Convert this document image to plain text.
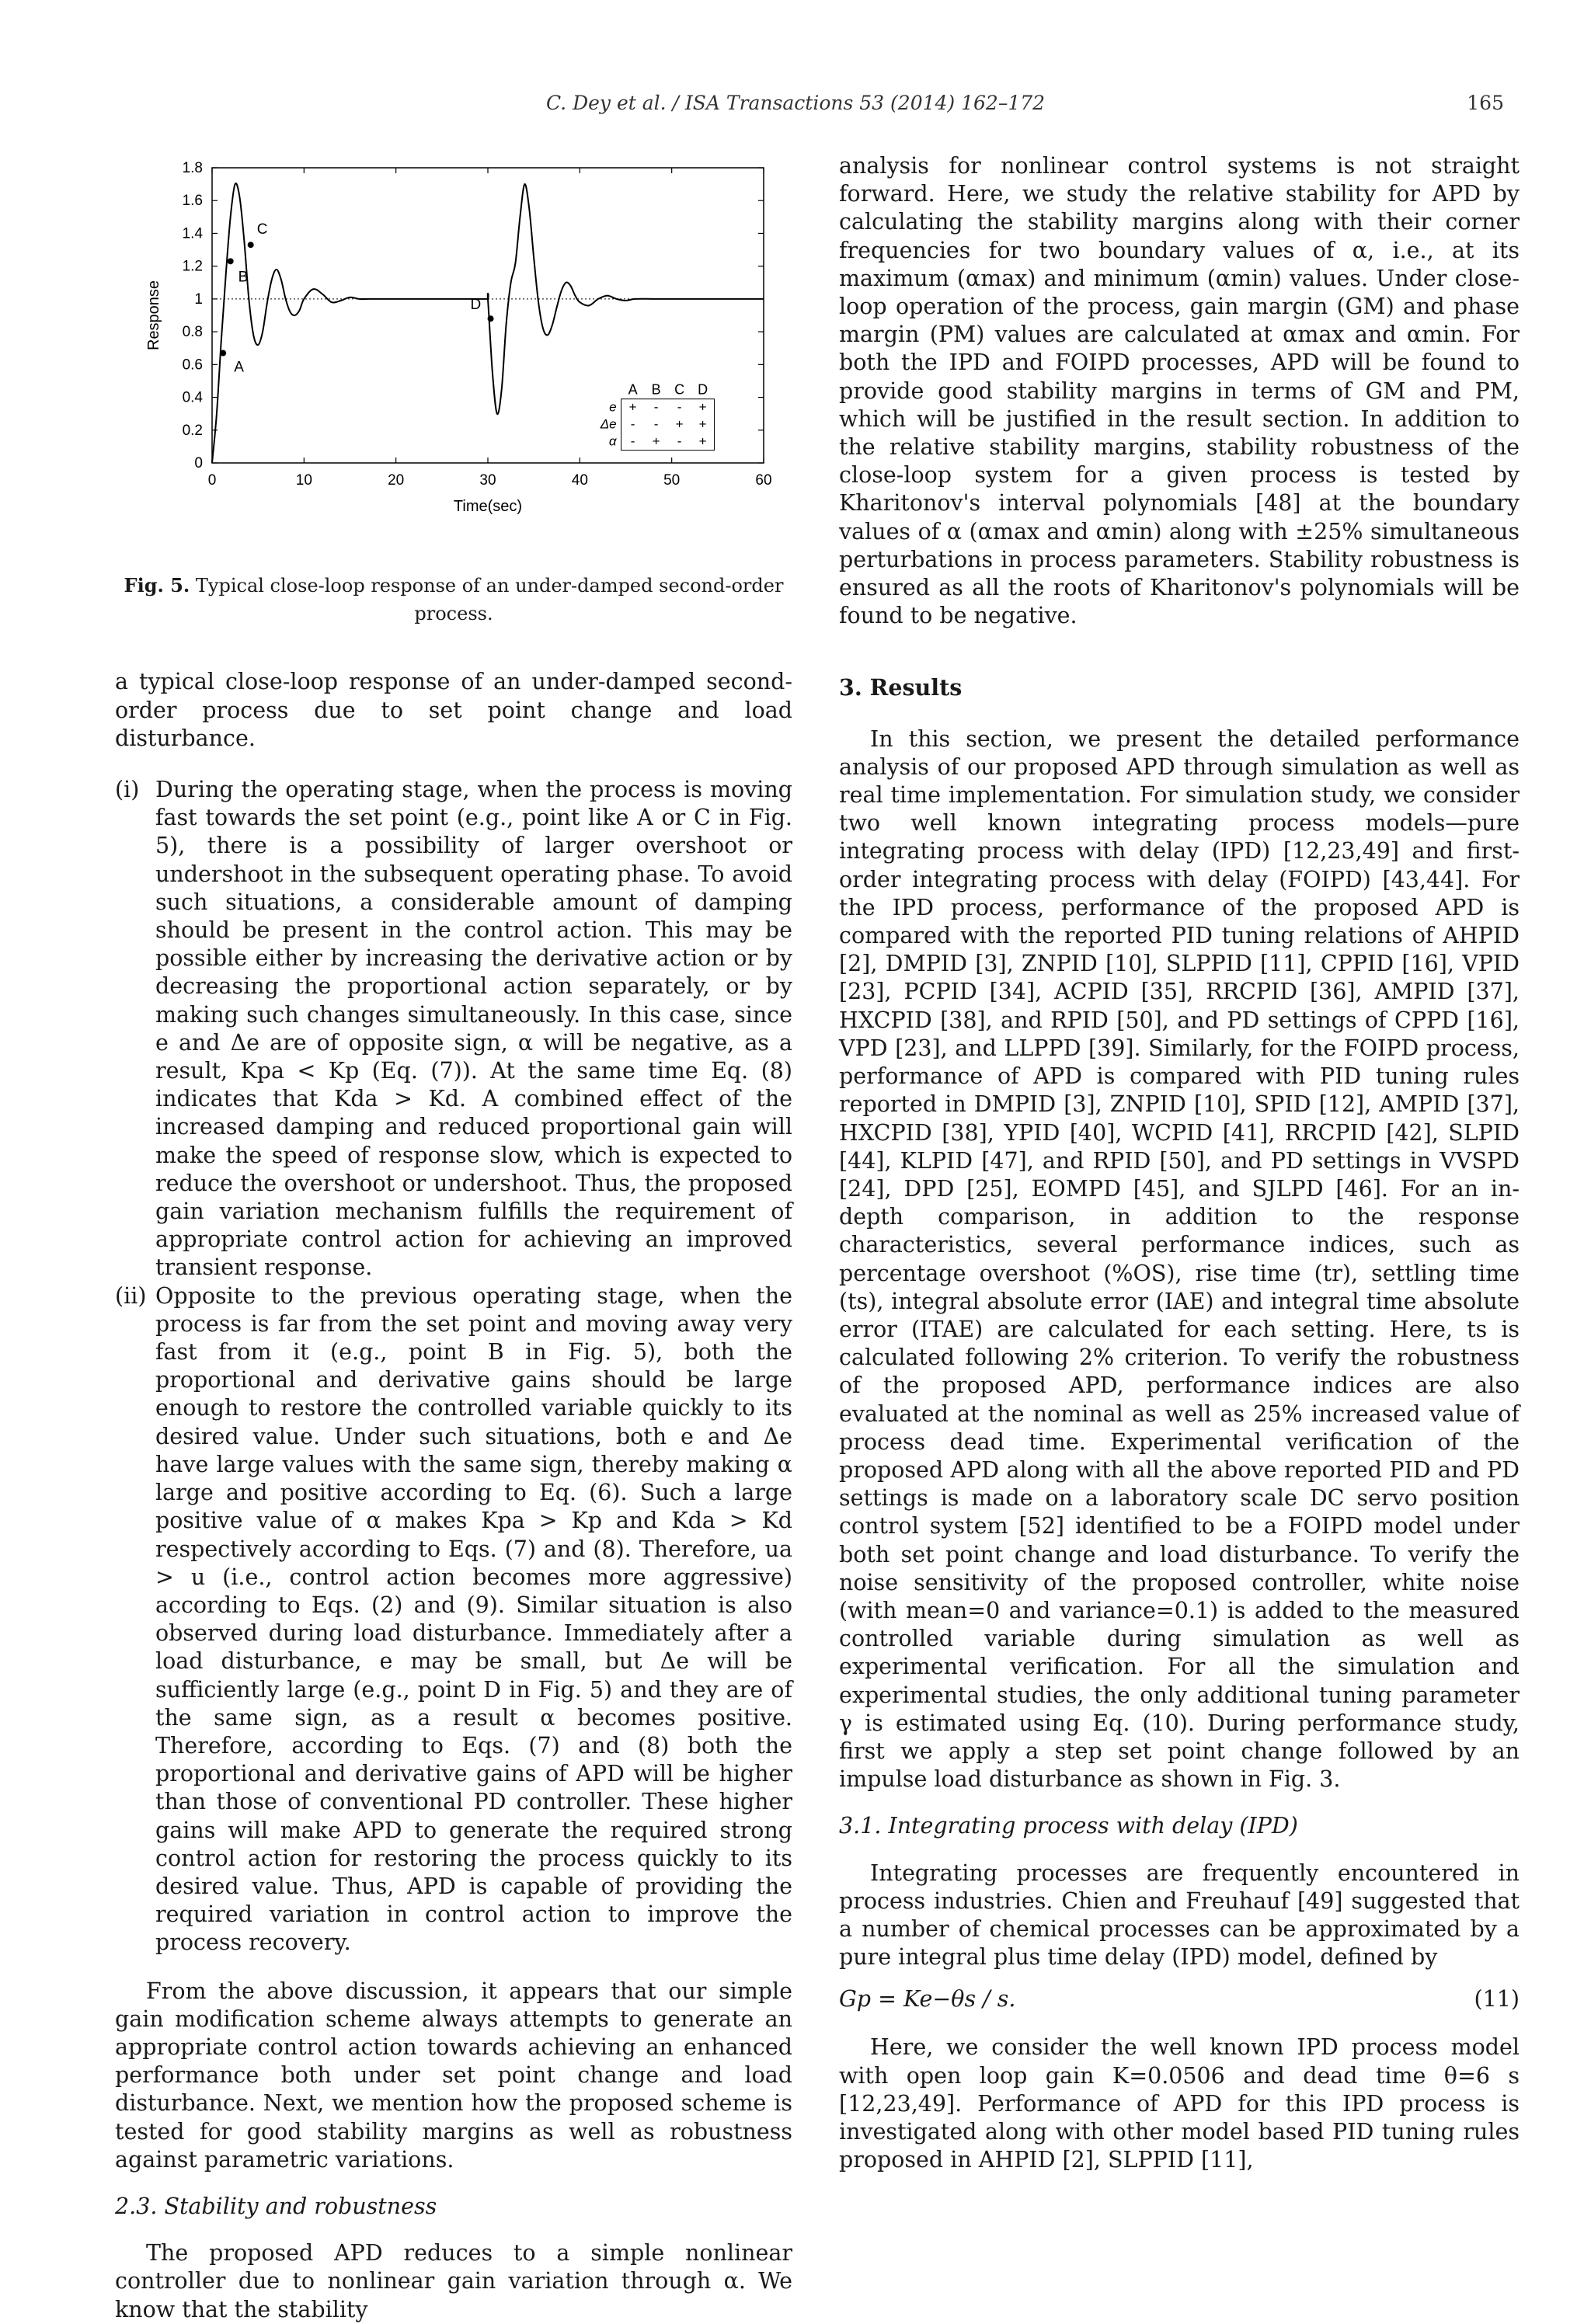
C. Dey et al. / ISA Transactions 53 (2014) 162–172	165
0	10	20	30	40	50	60
0
0.2
0.4
0.6
0.8
1
1.2
1.4
1.6
1.8
Time(sec)
Response
A
B
C
D
A B C D
e + - - +
Δe - - + +
α - + - +

Fig. 5. Typical close-loop response of an under-damped second-order process.

a typical close-loop response of an under-damped second-order process due to set point change and load disturbance.

(i) During the operating stage, when the process is moving fast towards the set point (e.g., point like A or C in Fig. 5), there is a possibility of larger overshoot or undershoot in the subsequent operating phase. To avoid such situations, a considerable amount of damping should be present in the control action. This may be possible either by increasing the derivative action or by decreasing the proportional action separately, or by making such changes simultaneously. In this case, since e and Δe are of opposite sign, α will be negative, as a result, Kpa < Kp (Eq. (7)). At the same time Eq. (8) indicates that Kda > Kd. A combined effect of the increased damping and reduced proportional gain will make the speed of response slow, which is expected to reduce the overshoot or undershoot. Thus, the proposed gain variation mechanism fulfills the requirement of appropriate control action for achieving an improved transient response.
(ii) Opposite to the previous operating stage, when the process is far from the set point and moving away very fast from it (e.g., point B in Fig. 5), both the proportional and derivative gains should be large enough to restore the controlled variable quickly to its desired value. Under such situations, both e and Δe have large values with the same sign, thereby making α large and positive according to Eq. (6). Such a large positive value of α makes Kpa > Kp and Kda > Kd respectively according to Eqs. (7) and (8). Therefore, ua > u (i.e., control action becomes more aggressive) according to Eqs. (2) and (9). Similar situation is also observed during load disturbance. Immediately after a load disturbance, e may be small, but Δe will be sufficiently large (e.g., point D in Fig. 5) and they are of the same sign, as a result α becomes positive. Therefore, according to Eqs. (7) and (8) both the proportional and derivative gains of APD will be higher than those of conventional PD controller. These higher gains will make APD to generate the required strong control action for restoring the process quickly to its desired value. Thus, APD is capable of providing the required variation in control action to improve the process recovery.

From the above discussion, it appears that our simple gain modification scheme always attempts to generate an appropriate control action towards achieving an enhanced performance both under set point change and load disturbance. Next, we mention how the proposed scheme is tested for good stability margins as well as robustness against parametric variations.

2.3. Stability and robustness

The proposed APD reduces to a simple nonlinear controller due to nonlinear gain variation through α. We know that the stability

analysis for nonlinear control systems is not straight forward. Here, we study the relative stability for APD by calculating the stability margins along with their corner frequencies for two boundary values of α, i.e., at its maximum (αmax) and minimum (αmin) values. Under close-loop operation of the process, gain margin (GM) and phase margin (PM) values are calculated at αmax and αmin. For both the IPD and FOIPD processes, APD will be found to provide good stability margins in terms of GM and PM, which will be justified in the result section. In addition to the relative stability margins, stability robustness of the close-loop system for a given process is tested by Kharitonov's interval polynomials [48] at the boundary values of α (αmax and αmin) along with ±25% simultaneous perturbations in process parameters. Stability robustness is ensured as all the roots of Kharitonov's polynomials will be found to be negative.

3. Results

In this section, we present the detailed performance analysis of our proposed APD through simulation as well as real time implementation. For simulation study, we consider two well known integrating process models—pure integrating process with delay (IPD) [12,23,49] and first-order integrating process with delay (FOIPD) [43,44]. For the IPD process, performance of the proposed APD is compared with the reported PID tuning relations of AHPID [2], DMPID [3], ZNPID [10], SLPPID [11], CPPID [16], VPID [23], PCPID [34], ACPID [35], RRCPID [36], AMPID [37], HXCPID [38], and RPID [50], and PD settings of CPPD [16], VPD [23], and LLPPD [39]. Similarly, for the FOIPD process, performance of APD is compared with PID tuning rules reported in DMPID [3], ZNPID [10], SPID [12], AMPID [37], HXCPID [38], YPID [40], WCPID [41], RRCPID [42], SLPID [44], KLPID [47], and RPID [50], and PD settings in VVSPD [24], DPD [25], EOMPD [45], and SJLPD [46]. For an in-depth comparison, in addition to the response characteristics, several performance indices, such as percentage overshoot (%OS), rise time (tr), settling time (ts), integral absolute error (IAE) and integral time absolute error (ITAE) are calculated for each setting. Here, ts is calculated following 2% criterion. To verify the robustness of the proposed APD, performance indices are also evaluated at the nominal as well as 25% increased value of process dead time. Experimental verification of the proposed APD along with all the above reported PID and PD settings is made on a laboratory scale DC servo position control system [52] identified to be a FOIPD model under both set point change and load disturbance. To verify the noise sensitivity of the proposed controller, white noise (with mean=0 and variance=0.1) is added to the measured controlled variable during simulation as well as experimental verification. For all the simulation and experimental studies, the only additional tuning parameter γ is estimated using Eq. (10). During performance study, first we apply a step set point change followed by an impulse load disturbance as shown in Fig. 3.

3.1. Integrating process with delay (IPD)

Integrating processes are frequently encountered in process industries. Chien and Freuhauf [49] suggested that a number of chemical processes can be approximated by a pure integral plus time delay (IPD) model, defined by

Gp = Ke−θs / s.	(11)

Here, we consider the well known IPD process model with open loop gain K=0.0506 and dead time θ=6 s [12,23,49]. Performance of APD for this IPD process is investigated along with other model based PID tuning rules proposed in AHPID [2], SLPPID [11],
